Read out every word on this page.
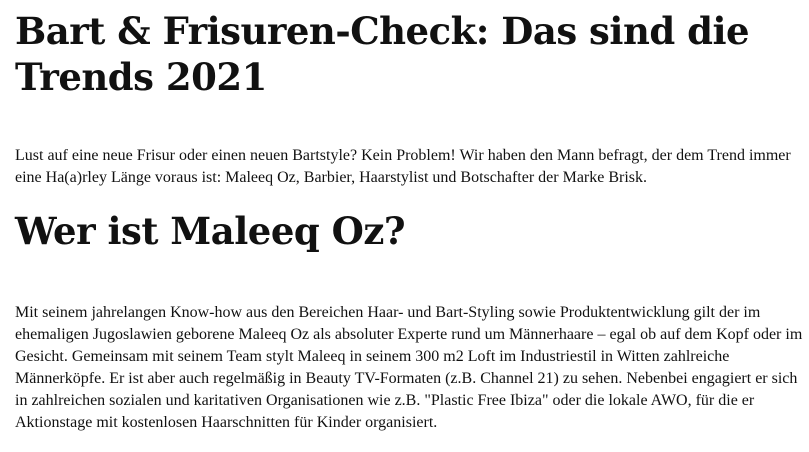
Bart & Frisuren-Check: Das sind die Trends 2021

Lust auf eine neue Frisur oder einen neuen Bartstyle? Kein Problem! Wir haben den Mann befragt, der dem Trend immer eine Ha(a)rley Länge voraus ist: Maleeq Oz, Barbier, Haarstylist und Botschafter der Marke Brisk.

Wer ist Maleeq Oz?

Mit seinem jahrelangen Know-how aus den Bereichen Haar- und Bart-Styling sowie Produktentwicklung gilt der im ehemaligen Jugoslawien geborene Maleeq Oz als absoluter Experte rund um Männerhaare – egal ob auf dem Kopf oder im Gesicht. Gemeinsam mit seinem Team stylt Maleeq in seinem 300 m2 Loft im Industriestil in Witten zahlreiche Männerköpfe. Er ist aber auch regelmäßig in Beauty TV-Formaten (z.B. Channel 21) zu sehen. Nebenbei engagiert er sich in zahlreichen sozialen und karitativen Organisationen wie z.B. "Plastic Free Ibiza" oder die lokale AWO, für die er Aktionstage mit kostenlosen Haarschnitten für Kinder organisiert.
